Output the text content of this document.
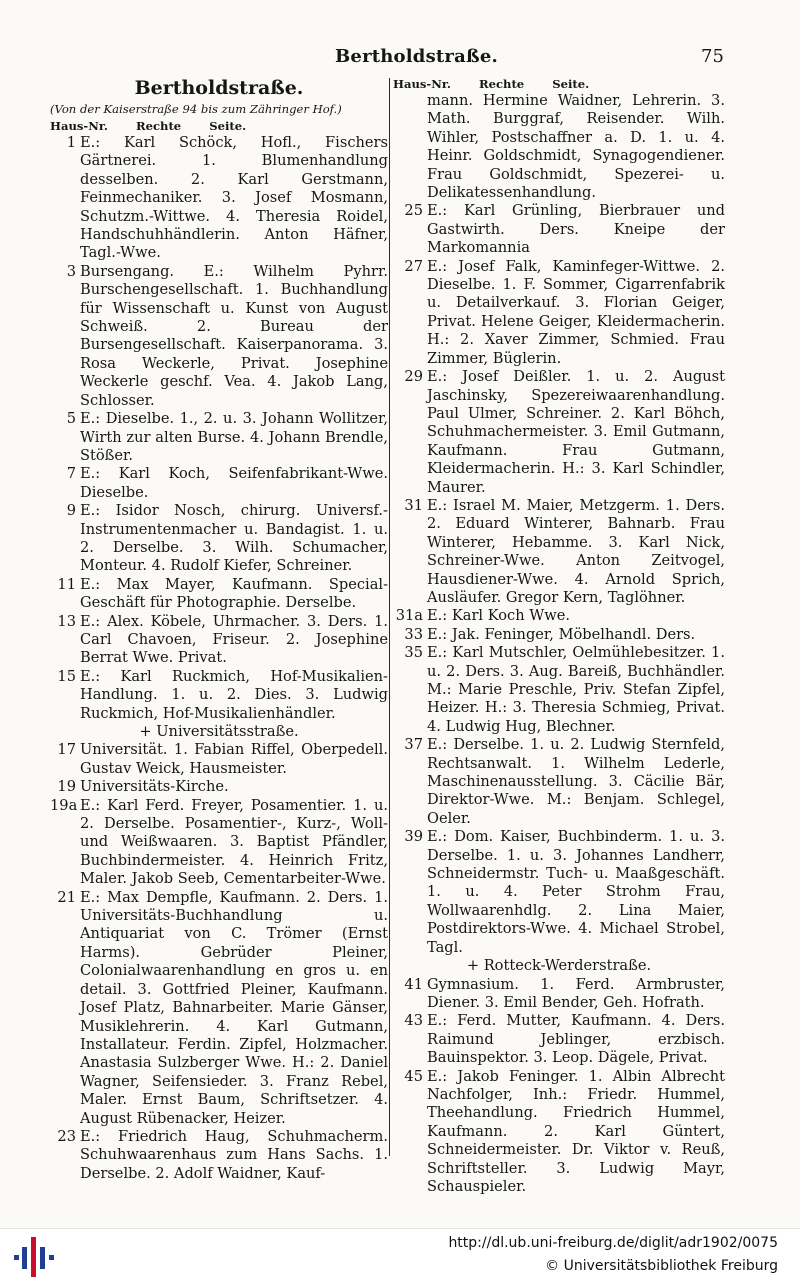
Bertholdstraße.	75
Bertholdstraße.
(Von der Kaiserstraße 94 bis zum Zähringer Hof.)
Haus-Nr. Rechte Seite.
1 E.: Karl Schöck, Hofl., Fischers Gärtnerei. 1. Blumenhandlung desselben. 2. Karl Gerstmann, Feinmechaniker. 3. Josef Mosmann, Schutzm.-Wittwe. 4. Theresia Roidel, Handschuhhändlerin. Anton Häfner, Tagl.-Wwe.
3 Bursengang. E.: Wilhelm Pyhrr. Burschengesellschaft. 1. Buchhandlung für Wissenschaft u. Kunst von August Schweiß. 2. Bureau der Bursengesellschaft. Kaiserpanorama. 3. Rosa Weckerle, Privat. Josephine Weckerle geschf. Vea. 4. Jakob Lang, Schlosser.
5 E.: Dieselbe. 1., 2. u. 3. Johann Wollitzer, Wirth zur alten Burse. 4. Johann Brendle, Stößer.
7 E.: Karl Koch, Seifenfabrikant-Wwe. Dieselbe.
9 E.: Isidor Nosch, chirurg. Universf.-Instrumentenmacher u. Bandagist. 1. u. 2. Derselbe. 3. Wilh. Schumacher, Monteur. 4. Rudolf Kiefer, Schreiner.
11 E.: Max Mayer, Kaufmann. Special-Geschäft für Photographie. Derselbe.
13 E.: Alex. Köbele, Uhrmacher. 3. Ders. 1. Carl Chavoen, Friseur. 2. Josephine Berrat Wwe. Privat.
15 E.: Karl Ruckmich, Hof-Musikalien-Handlung. 1. u. 2. Dies. 3. Ludwig Ruckmich, Hof-Musikalienhändler.
+ Universitätsstraße.
17 Universität. 1. Fabian Riffel, Oberpedell. Gustav Weick, Hausmeister.
19 Universitäts-Kirche.
19a E.: Karl Ferd. Freyer, Posamentier. 1. u. 2. Derselbe. Posamentier-, Kurz-, Woll- und Weißwaaren. 3. Baptist Pfändler, Buchbindermeister. 4. Heinrich Fritz, Maler. Jakob Seeb, Cementarbeiter-Wwe.
21 E.: Max Dempfle, Kaufmann. 2. Ders. 1. Universitäts-Buchhandlung u. Antiquariat von C. Trömer (Ernst Harms). Gebrüder Pleiner, Colonialwaarenhandlung en gros u. en detail. 3. Gottfried Pleiner, Kaufmann. Josef Platz, Bahnarbeiter. Marie Gänser, Musiklehrerin. 4. Karl Gutmann, Installateur. Ferdin. Zipfel, Holzmacher. Anastasia Sulzberger Wwe. H.: 2. Daniel Wagner, Seifensieder. 3. Franz Rebel, Maler. Ernst Baum, Schriftsetzer. 4. August Rübenacker, Heizer.
23 E.: Friedrich Haug, Schuhmacherm. Schuhwaarenhaus zum Hans Sachs. 1. Derselbe. 2. Adolf Waidner, Kauf-
Haus-Nr. Rechte Seite.
mann. Hermine Waidner, Lehrerin. 3. Math. Burggraf, Reisender. Wilh. Wihler, Postschaffner a. D. 1. u. 4. Heinr. Goldschmidt, Synagogendiener. Frau Goldschmidt, Spezerei- u. Delikatessenhandlung.
25 E.: Karl Grünling, Bierbrauer und Gastwirth. Ders. Kneipe der Markomannia
27 E.: Josef Falk, Kaminfeger-Wittwe. 2. Dieselbe. 1. F. Sommer, Cigarrenfabrik u. Detailverkauf. 3. Florian Geiger, Privat. Helene Geiger, Kleidermacherin. H.: 2. Xaver Zimmer, Schmied. Frau Zimmer, Büglerin.
29 E.: Josef Deißler. 1. u. 2. August Jaschinsky, Spezereiwaarenhandlung. Paul Ulmer, Schreiner. 2. Karl Böhch, Schuhmachermeister. 3. Emil Gutmann, Kaufmann. Frau Gutmann, Kleidermacherin. H.: 3. Karl Schindler, Maurer.
31 E.: Israel M. Maier, Metzgerm. 1. Ders. 2. Eduard Winterer, Bahnarb. Frau Winterer, Hebamme. 3. Karl Nick, Schreiner-Wwe. Anton Zeitvogel, Hausdiener-Wwe. 4. Arnold Sprich, Ausläufer. Gregor Kern, Taglöhner.
31a E.: Karl Koch Wwe.
33 E.: Jak. Feninger, Möbelhandl. Ders.
35 E.: Karl Mutschler, Oelmühlebesitzer. 1. u. 2. Ders. 3. Aug. Bareiß, Buchhändler. M.: Marie Preschle, Priv. Stefan Zipfel, Heizer. H.: 3. Theresia Schmieg, Privat. 4. Ludwig Hug, Blechner.
37 E.: Derselbe. 1. u. 2. Ludwig Sternfeld, Rechtsanwalt. 1. Wilhelm Lederle, Maschinenausstellung. 3. Cäcilie Bär, Direktor-Wwe. M.: Benjam. Schlegel, Oeler.
39 E.: Dom. Kaiser, Buchbinderm. 1. u. 3. Derselbe. 1. u. 3. Johannes Landherr, Schneidermstr. Tuch- u. Maaßgeschäft. 1. u. 4. Peter Strohm Frau, Wollwaarenhdlg. 2. Lina Maier, Postdirektors-Wwe. 4. Michael Strobel, Tagl.
+ Rotteck-Werderstraße.
41 Gymnasium. 1. Ferd. Armbruster, Diener. 3. Emil Bender, Geh. Hofrath.
43 E.: Ferd. Mutter, Kaufmann. 4. Ders. Raimund Jeblinger, erzbisch. Bauinspektor. 3. Leop. Dägele, Privat.
45 E.: Jakob Feninger. 1. Albin Albrecht Nachfolger, Inh.: Friedr. Hummel, Theehandlung. Friedrich Hummel, Kaufmann. 2. Karl Güntert, Schneidermeister. Dr. Viktor v. Reuß, Schriftsteller. 3. Ludwig Mayr, Schauspieler.
http://dl.ub.uni-freiburg.de/diglit/adr1902/0075
© Universitätsbibliothek Freiburg
